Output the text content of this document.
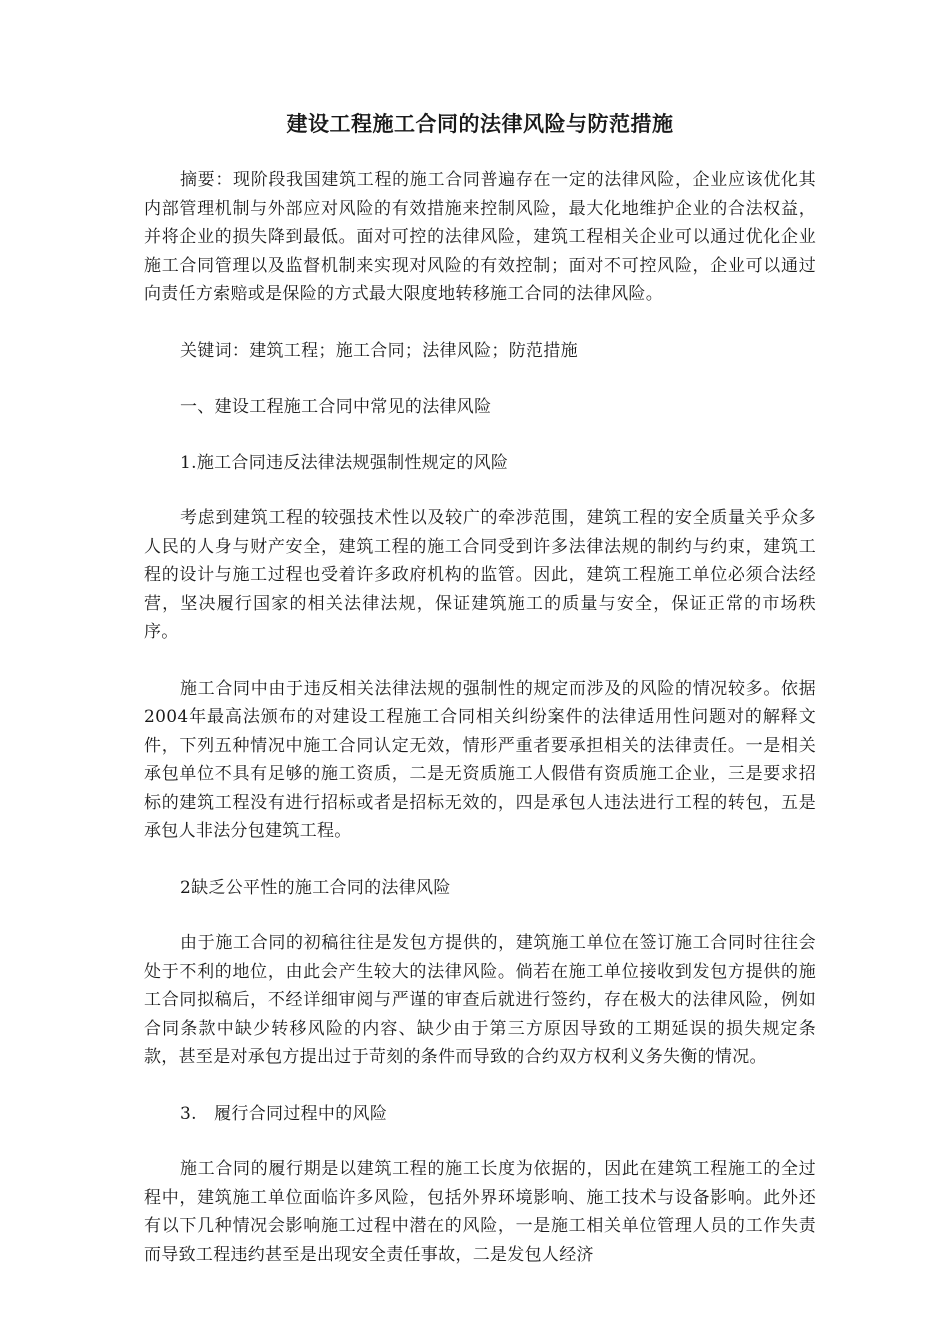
建设工程施工合同的法律风险与防范措施

摘要：现阶段我国建筑工程的施工合同普遍存在一定的法律风险，企业应该优化其内部管理机制与外部应对风险的有效措施来控制风险，最大化地维护企业的合法权益，并将企业的损失降到最低。面对可控的法律风险，建筑工程相关企业可以通过优化企业施工合同管理以及监督机制来实现对风险的有效控制；面对不可控风险，企业可以通过向责任方索赔或是保险的方式最大限度地转移施工合同的法律风险。

关键词：建筑工程；施工合同；法律风险；防范措施

一、建设工程施工合同中常见的法律风险
1.施工合同违反法律法规强制性规定的风险

考虑到建筑工程的较强技术性以及较广的牵涉范围，建筑工程的安全质量关乎众多人民的人身与财产安全，建筑工程的施工合同受到许多法律法规的制约与约束，建筑工程的设计与施工过程也受着许多政府机构的监管。因此，建筑工程施工单位必须合法经营，坚决履行国家的相关法律法规，保证建筑施工的质量与安全，保证正常的市场秩序。

施工合同中由于违反相关法律法规的强制性的规定而涉及的风险的情况较多。依据2004年最高法颁布的对建设工程施工合同相关纠纷案件的法律适用性问题对的解释文件，下列五种情况中施工合同认定无效，情形严重者要承担相关的法律责任。一是相关承包单位不具有足够的施工资质，二是无资质施工人假借有资质施工企业，三是要求招标的建筑工程没有进行招标或者是招标无效的，四是承包人违法进行工程的转包，五是承包人非法分包建筑工程。

2缺乏公平性的施工合同的法律风险

由于施工合同的初稿往往是发包方提供的，建筑施工单位在签订施工合同时往往会处于不利的地位，由此会产生较大的法律风险。倘若在施工单位接收到发包方提供的施工合同拟稿后，不经详细审阅与严谨的审查后就进行签约，存在极大的法律风险，例如合同条款中缺少转移风险的内容、缺少由于第三方原因导致的工期延误的损失规定条款，甚至是对承包方提出过于苛刻的条件而导致的合约双方权利义务失衡的情况。

3.　履行合同过程中的风险

施工合同的履行期是以建筑工程的施工长度为依据的，因此在建筑工程施工的全过程中，建筑施工单位面临许多风险，包括外界环境影响、施工技术与设备影响。此外还有以下几种情况会影响施工过程中潜在的风险，一是施工相关单位管理人员的工作失责而导致工程违约甚至是出现安全责任事故，二是发包人经济
